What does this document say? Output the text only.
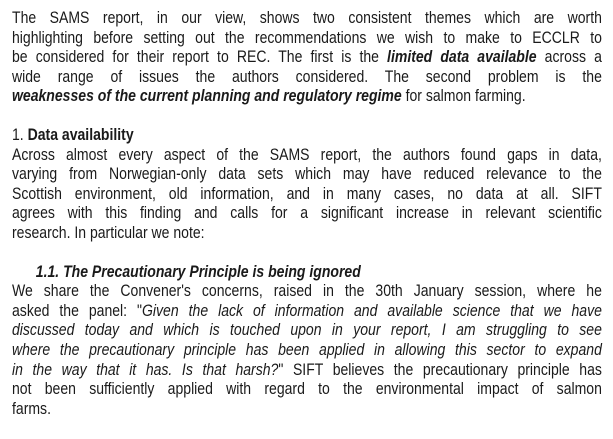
The SAMS report, in our view, shows two consistent themes which are worth
highlighting before setting out the recommendations we wish to make to ECCLR to
be considered for their report to REC. The first is the limited data available across a
wide range of issues the authors considered. The second problem is the
weaknesses of the current planning and regulatory regime for salmon farming.
1. Data availability
Across almost every aspect of the SAMS report, the authors found gaps in data,
varying from Norwegian-only data sets which may have reduced relevance to the
Scottish environment, old information, and in many cases, no data at all. SIFT
agrees with this finding and calls for a significant increase in relevant scientific
research. In particular we note:
1.1. The Precautionary Principle is being ignored
We share the Convener's concerns, raised in the 30th January session, where he
asked the panel: "Given the lack of information and available science that we have
discussed today and which is touched upon in your report, I am struggling to see
where the precautionary principle has been applied in allowing this sector to expand
in the way that it has. Is that harsh?" SIFT believes the precautionary principle has
not been sufficiently applied with regard to the environmental impact of salmon
farms.
